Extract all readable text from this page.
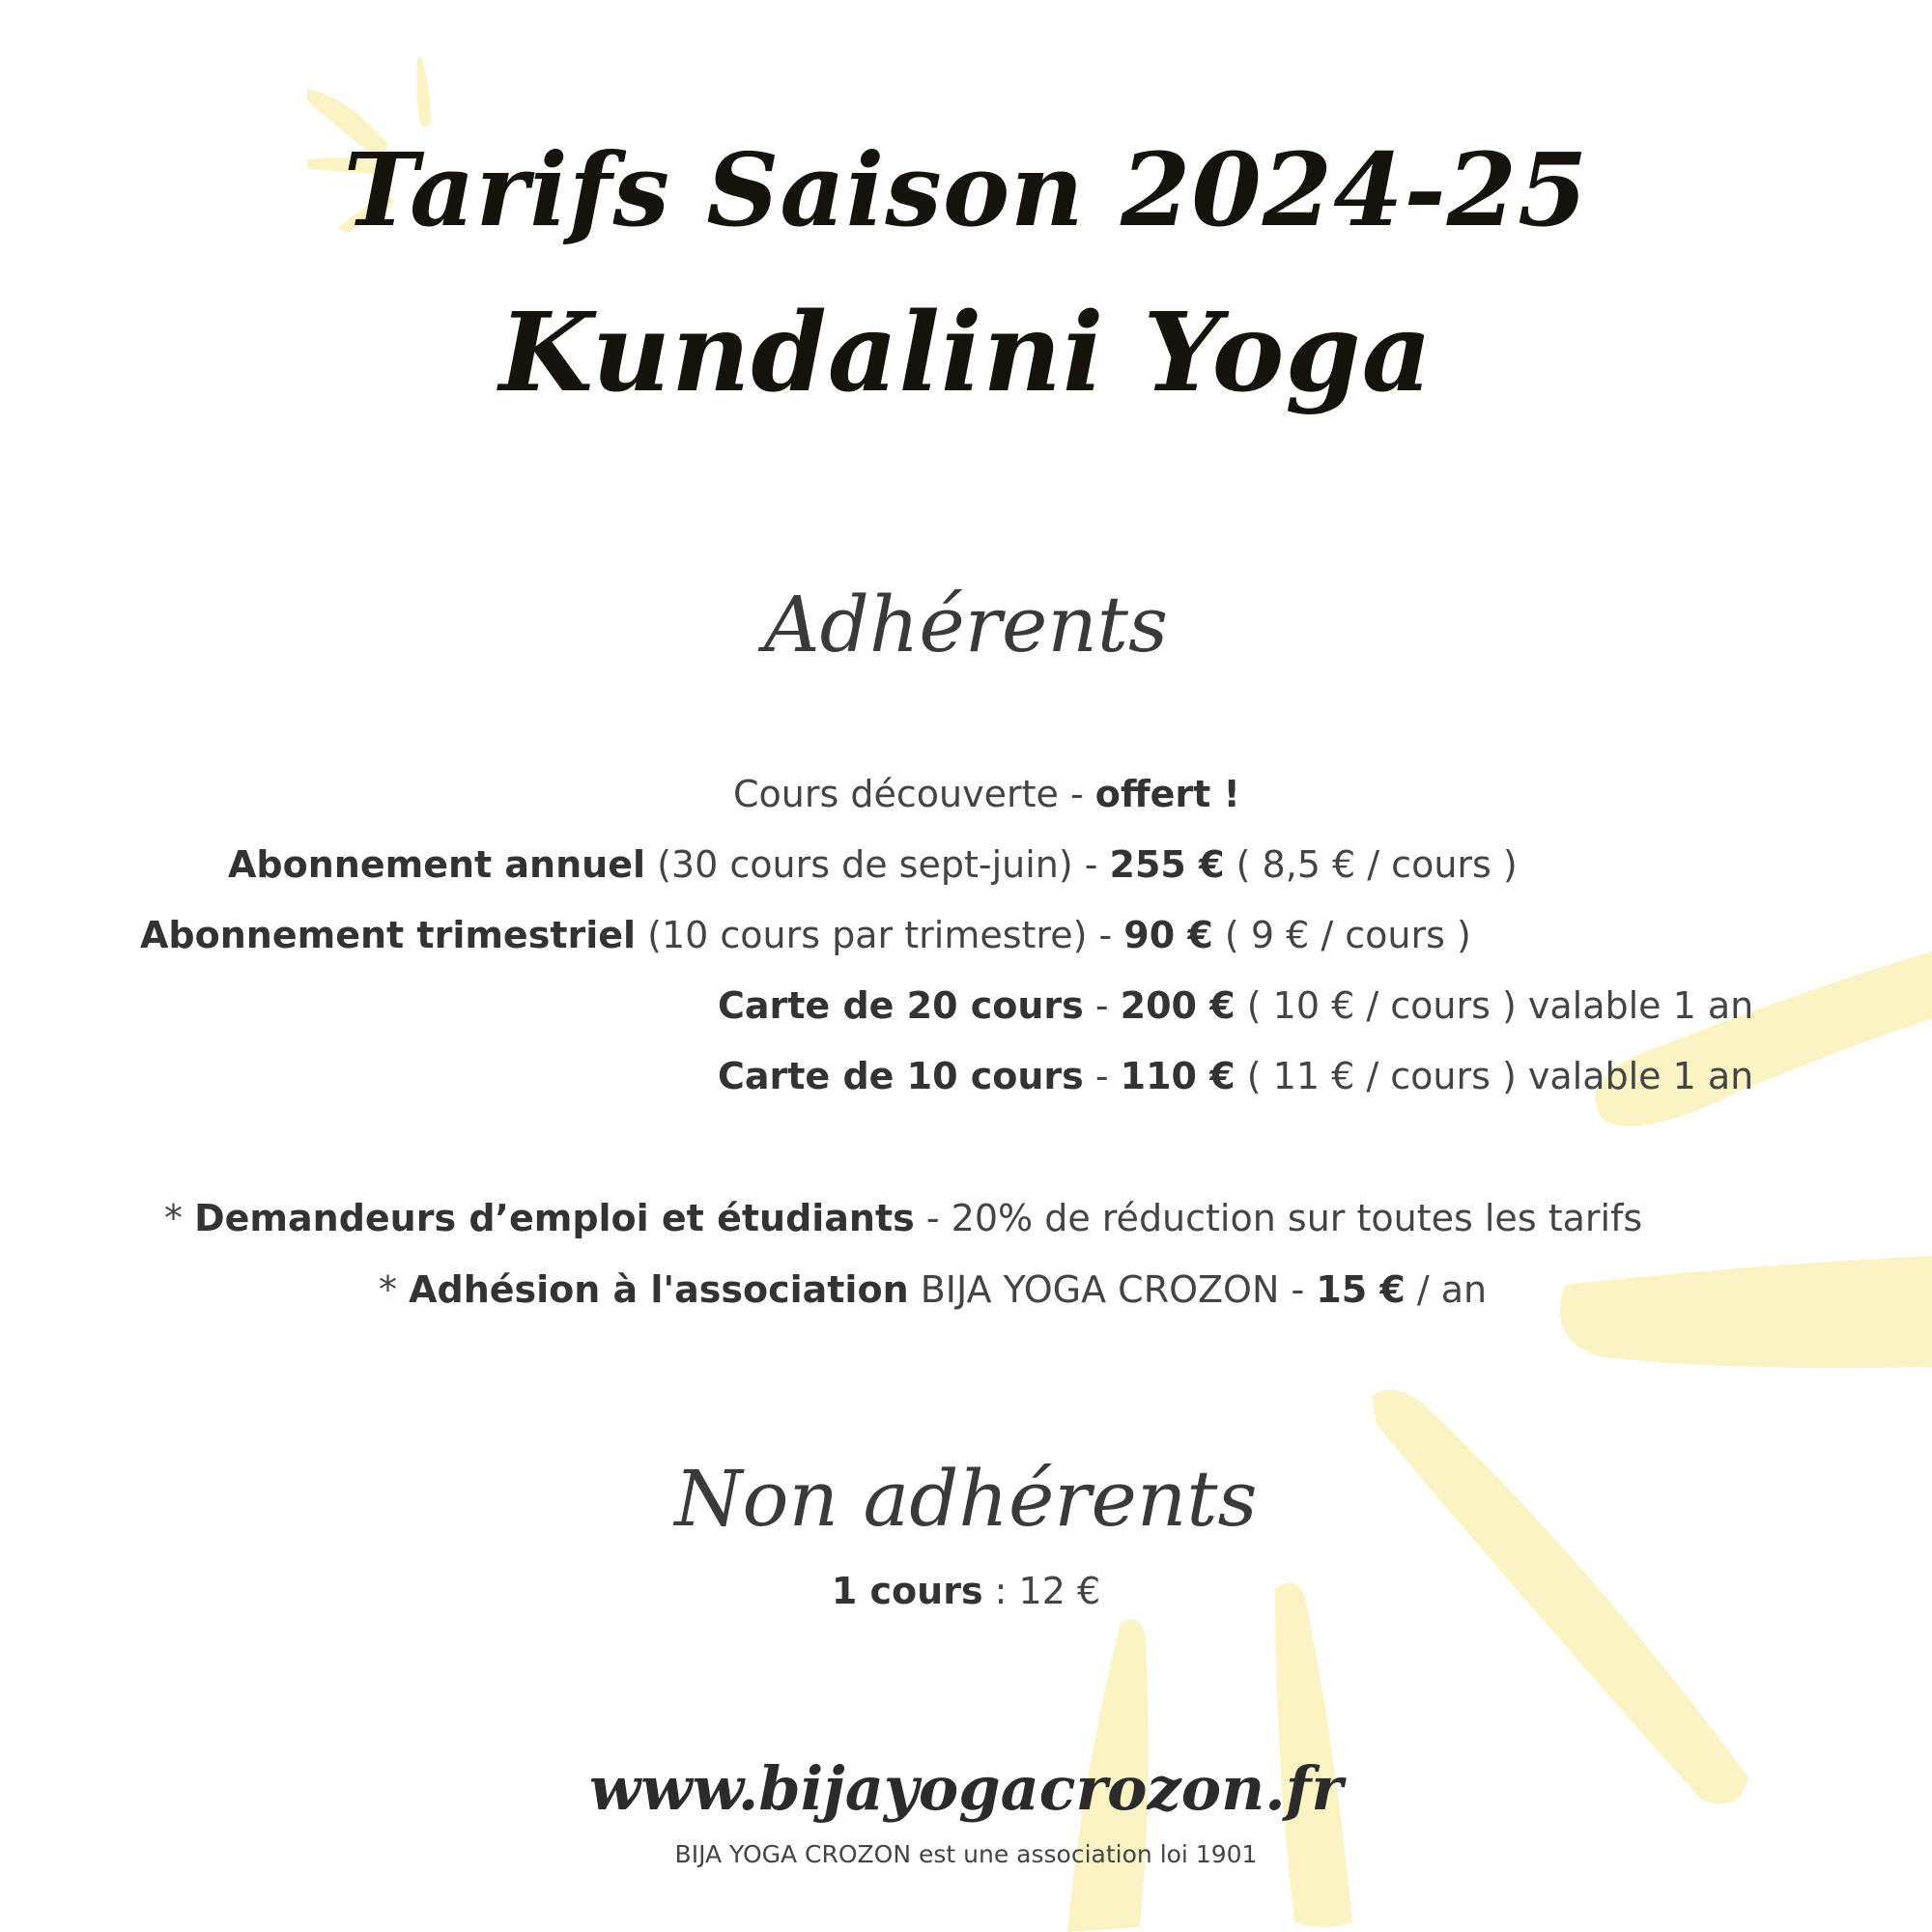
Tarifs Saison 2024-25
Kundalini Yoga
Adhérents
Cours découverte - offert !
Abonnement annuel (30 cours de sept-juin) - 255 € ( 8,5 € / cours )
Abonnement trimestriel (10 cours par trimestre) - 90 € ( 9 € / cours )
Carte de 20 cours - 200 € ( 10 € / cours ) valable 1 an
Carte de 10 cours - 110 € ( 11 € / cours ) valable 1 an
* Demandeurs d’emploi et étudiants - 20% de réduction sur toutes les tarifs
* Adhésion à l'association BIJA YOGA CROZON - 15 € / an
Non adhérents
1 cours : 12 €
www.bijayogacrozon.fr
BIJA YOGA CROZON est une association loi 1901
